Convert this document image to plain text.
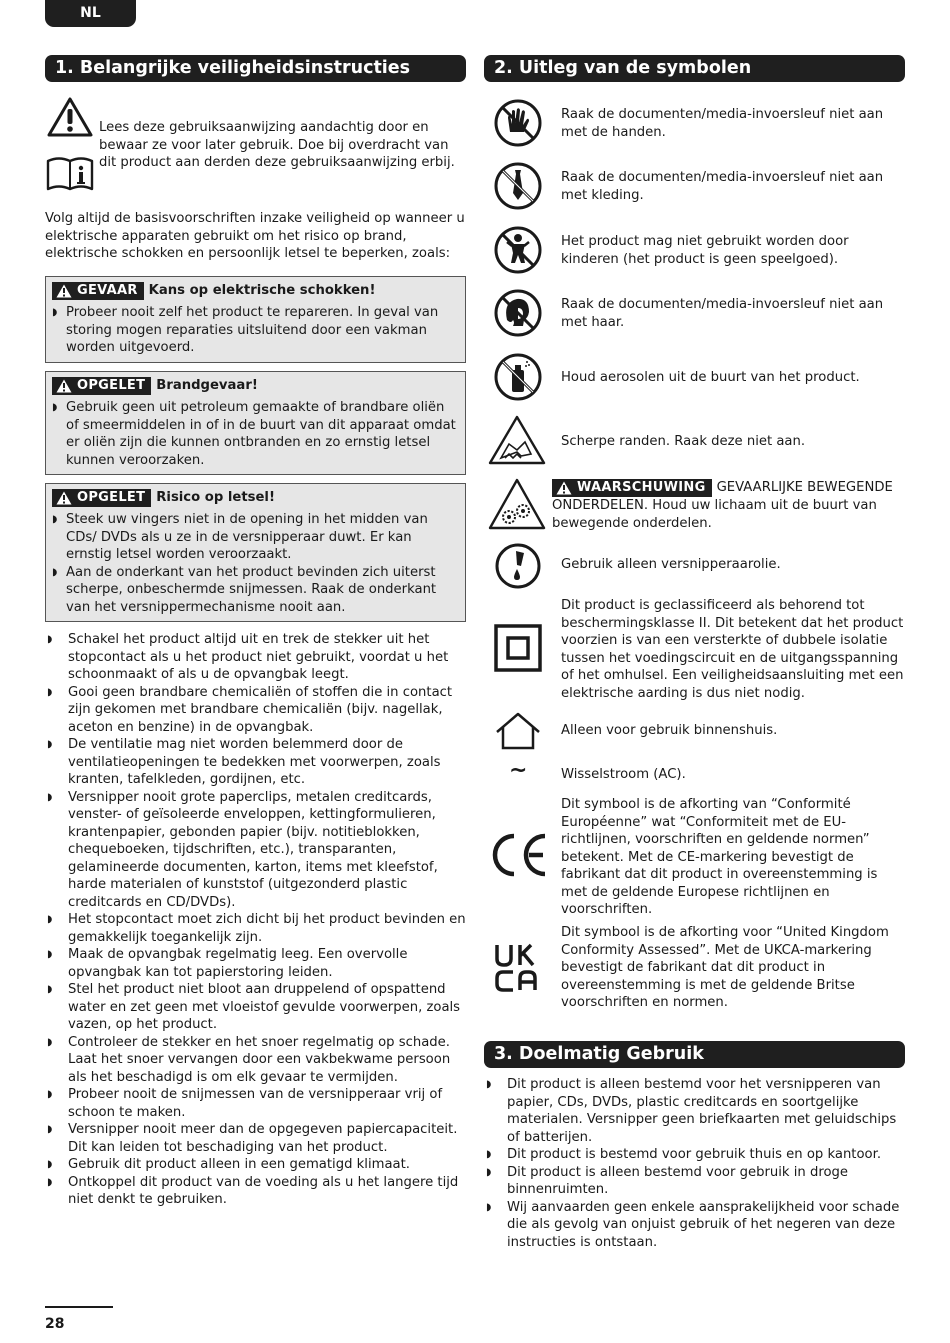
NL
1. Belangrijke veiligheidsinstructies
Lees deze gebruiksaanwijzing aandachtig door en bewaar ze voor later gebruik. Doe bij overdracht van dit product aan derden deze gebruiksaanwijzing erbij.
Volg altijd de basisvoorschriften inzake veiligheid op wanneer u elektrische apparaten gebruikt om het risico op brand, elektrische schokken en persoonlijk letsel te beperken, zoals:
GEVAAR Kans op elektrische schokken!
◗ Probeer nooit zelf het product te repareren. In geval van storing mogen reparaties uitsluitend door een vakman worden uitgevoerd.
OPGELET Brandgevaar!
◗ Gebruik geen uit petroleum gemaakte of brandbare oliën of smeermiddelen in of in de buurt van dit apparaat omdat er oliën zijn die kunnen ontbranden en zo ernstig letsel kunnen veroorzaken.
OPGELET Risico op letsel!
◗ Steek uw vingers niet in de opening in het midden van CDs/ DVDs als u ze in de versnipperaar duwt. Er kan ernstig letsel worden veroorzaakt.
◗ Aan de onderkant van het product bevinden zich uiterst scherpe, onbeschermde snijmessen. Raak de onderkant van het versnippermechanisme nooit aan.
◗ Schakel het product altijd uit en trek de stekker uit het stopcontact als u het product niet gebruikt, voordat u het schoonmaakt of als u de opvangbak leegt.
◗ Gooi geen brandbare chemicaliën of stoffen die in contact zijn gekomen met brandbare chemicaliën (bijv. nagellak, aceton en benzine) in de opvangbak.
◗ De ventilatie mag niet worden belemmerd door de ventilatieopeningen te bedekken met voorwerpen, zoals kranten, tafelkleden, gordijnen, etc.
◗ Versnipper nooit grote paperclips, metalen creditcards, venster- of geïsoleerde enveloppen, kettingformulieren, krantenpapier, gebonden papier (bijv. notitieblokken, chequeboeken, tijdschriften, etc.), transparanten, gelamineerde documenten, karton, items met kleefstof, harde materialen of kunststof (uitgezonderd plastic creditcards en CD/DVDs).
◗ Het stopcontact moet zich dicht bij het product bevinden en gemakkelijk toegankelijk zijn.
◗ Maak de opvangbak regelmatig leeg. Een overvolle opvangbak kan tot papierstoring leiden.
◗ Stel het product niet bloot aan druppelend of opspattend water en zet geen met vloeistof gevulde voorwerpen, zoals vazen, op het product.
◗ Controleer de stekker en het snoer regelmatig op schade. Laat het snoer vervangen door een vakbekwame persoon als het beschadigd is om elk gevaar te vermijden.
◗ Probeer nooit de snijmessen van de versnipperaar vrij of schoon te maken.
◗ Versnipper nooit meer dan de opgegeven papiercapaciteit. Dit kan leiden tot beschadiging van het product.
◗ Gebruik dit product alleen in een gematigd klimaat.
◗ Ontkoppel dit product van de voeding als u het langere tijd niet denkt te gebruiken.
2. Uitleg van de symbolen
Raak de documenten/media-invoersleuf niet aan met de handen.
Raak de documenten/media-invoersleuf niet aan met kleding.
Het product mag niet gebruikt worden door kinderen (het product is geen speelgoed).
Raak de documenten/media-invoersleuf niet aan met haar.
Houd aerosolen uit de buurt van het product.
Scherpe randen. Raak deze niet aan.
WAARSCHUWING GEVAARLIJKE BEWEGENDE ONDERDELEN. Houd uw lichaam uit de buurt van bewegende onderdelen.
Gebruik alleen versnipperaarolie.
Dit product is geclassificeerd als behorend tot beschermingsklasse II. Dit betekent dat het product voorzien is van een versterkte of dubbele isolatie tussen het voedingscircuit en de uitgangsspanning of het omhulsel. Een veiligheidsaansluiting met een elektrische aarding is dus niet nodig.
Alleen voor gebruik binnenshuis.
~	Wisselstroom (AC).
Dit symbool is de afkorting van “Conformité Européenne” wat “Conformiteit met de EU-richtlijnen, voorschriften en geldende normen” betekent. Met de CE-markering bevestigt de fabrikant dat dit product in overeenstemming is met de geldende Europese richtlijnen en voorschriften.
Dit symbool is de afkorting voor “United Kingdom Conformity Assessed”. Met de UKCA-markering bevestigt de fabrikant dat dit product in overeenstemming is met de geldende Britse voorschriften en normen.
3. Doelmatig Gebruik
◗ Dit product is alleen bestemd voor het versnipperen van papier, CDs, DVDs, plastic creditcards en soortgelijke materialen. Versnipper geen briefkaarten met geluidschips of batterijen.
◗ Dit product is bestemd voor gebruik thuis en op kantoor.
◗ Dit product is alleen bestemd voor gebruik in droge binnenruimten.
◗ Wij aanvaarden geen enkele aansprakelijkheid voor schade die als gevolg van onjuist gebruik of het negeren van deze instructies is ontstaan.
28
